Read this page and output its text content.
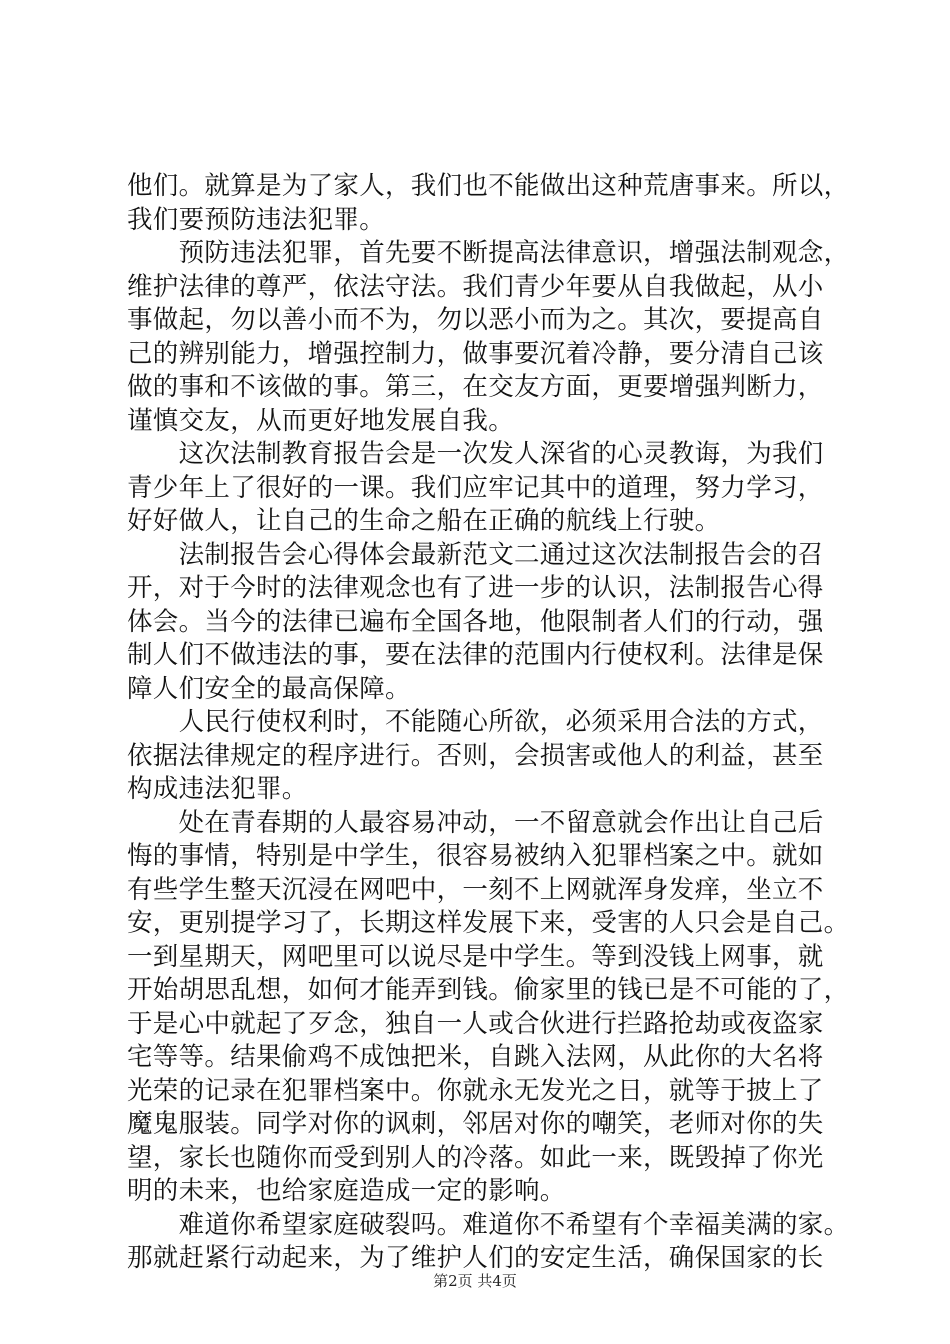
他们。就算是为了家人，我们也不能做出这种荒唐事来。所以，
我们要预防违法犯罪。
　　预防违法犯罪，首先要不断提高法律意识，增强法制观念，
维护法律的尊严，依法守法。我们青少年要从自我做起，从小
事做起，勿以善小而不为，勿以恶小而为之。其次，要提高自
己的辨别能力，增强控制力，做事要沉着冷静，要分清自己该
做的事和不该做的事。第三，在交友方面，更要增强判断力，
谨慎交友，从而更好地发展自我。
　　这次法制教育报告会是一次发人深省的心灵教诲，为我们
青少年上了很好的一课。我们应牢记其中的道理，努力学习，
好好做人，让自己的生命之船在正确的航线上行驶。
　　法制报告会心得体会最新范文二通过这次法制报告会的召
开，对于今时的法律观念也有了进一步的认识，法制报告心得
体会。当今的法律已遍布全国各地，他限制者人们的行动，强
制人们不做违法的事，要在法律的范围内行使权利。法律是保
障人们安全的最高保障。
　　人民行使权利时，不能随心所欲，必须采用合法的方式，
依据法律规定的程序进行。否则，会损害或他人的利益，甚至
构成违法犯罪。
　　处在青春期的人最容易冲动，一不留意就会作出让自己后
悔的事情，特别是中学生，很容易被纳入犯罪档案之中。就如
有些学生整天沉浸在网吧中，一刻不上网就浑身发痒，坐立不
安，更别提学习了，长期这样发展下来，受害的人只会是自己。
一到星期天，网吧里可以说尽是中学生。等到没钱上网事，就
开始胡思乱想，如何才能弄到钱。偷家里的钱已是不可能的了，
于是心中就起了歹念，独自一人或合伙进行拦路抢劫或夜盗家
宅等等。结果偷鸡不成蚀把米，自跳入法网，从此你的大名将
光荣的记录在犯罪档案中。你就永无发光之日，就等于披上了
魔鬼服装。同学对你的讽刺，邻居对你的嘲笑，老师对你的失
望，家长也随你而受到别人的冷落。如此一来，既毁掉了你光
明的未来，也给家庭造成一定的影响。
　　难道你希望家庭破裂吗。难道你不希望有个幸福美满的家。
那就赶紧行动起来，为了维护人们的安定生活，确保国家的长
第2页 共4页
